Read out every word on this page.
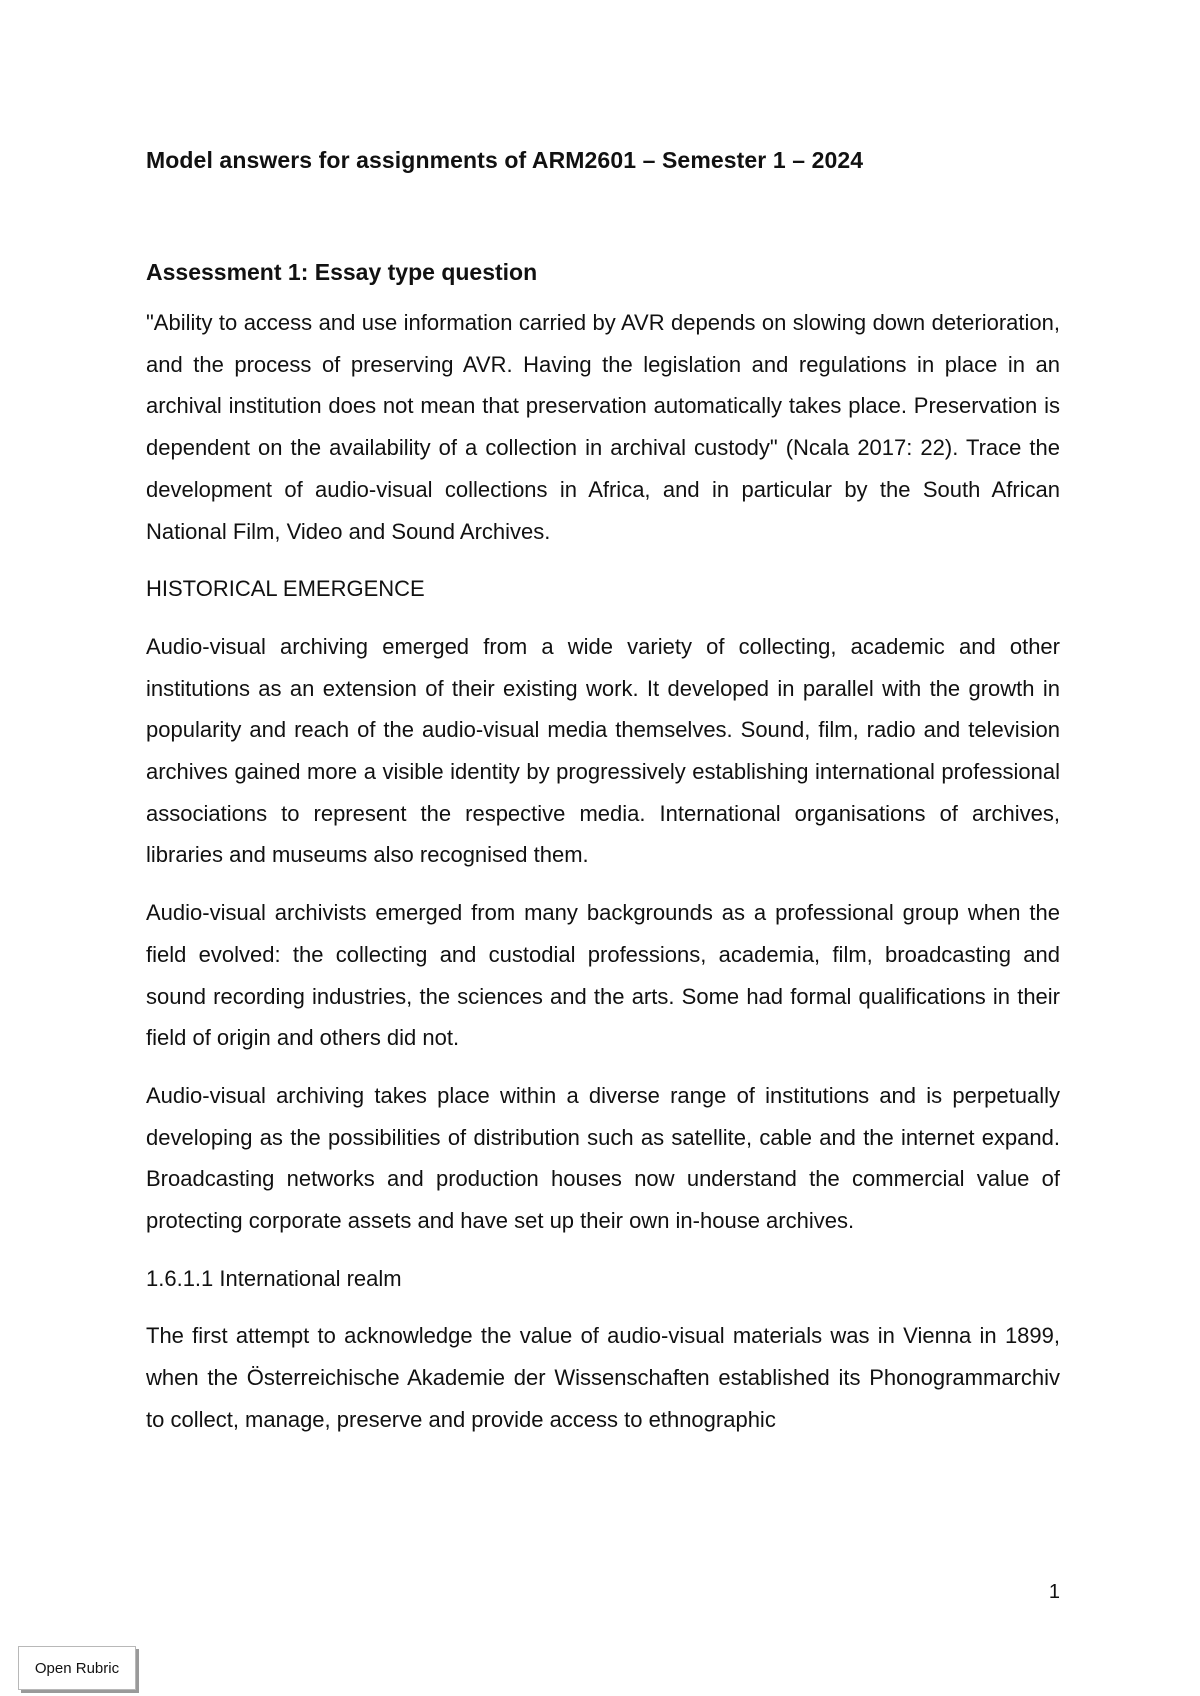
Model answers for assignments of ARM2601 – Semester 1 – 2024

Assessment 1: Essay type question

"Ability to access and use information carried by AVR depends on slowing down deterioration, and the process of preserving AVR. Having the legislation and regulations in place in an archival institution does not mean that preservation automatically takes place. Preservation is dependent on the availability of a collection in archival custody" (Ncala 2017: 22). Trace the development of audio-visual collections in Africa, and in particular by the South African National Film, Video and Sound Archives.

HISTORICAL EMERGENCE

Audio-visual archiving emerged from a wide variety of collecting, academic and other institutions as an extension of their existing work. It developed in parallel with the growth in popularity and reach of the audio-visual media themselves. Sound, film, radio and television archives gained more a visible identity by progressively establishing international professional associations to represent the respective media. International organisations of archives, libraries and museums also recognised them.

Audio-visual archivists emerged from many backgrounds as a professional group when the field evolved: the collecting and custodial professions, academia, film, broadcasting and sound recording industries, the sciences and the arts. Some had formal qualifications in their field of origin and others did not.

Audio-visual archiving takes place within a diverse range of institutions and is perpetually developing as the possibilities of distribution such as satellite, cable and the internet expand. Broadcasting networks and production houses now understand the commercial value of protecting corporate assets and have set up their own in-house archives.

1.6.1.1 International realm

The first attempt to acknowledge the value of audio-visual materials was in Vienna in 1899, when the Österreichische Akademie der Wissenschaften established its Phonogrammarchiv to collect, manage, preserve and provide access to ethnographic

1
Open Rubric
